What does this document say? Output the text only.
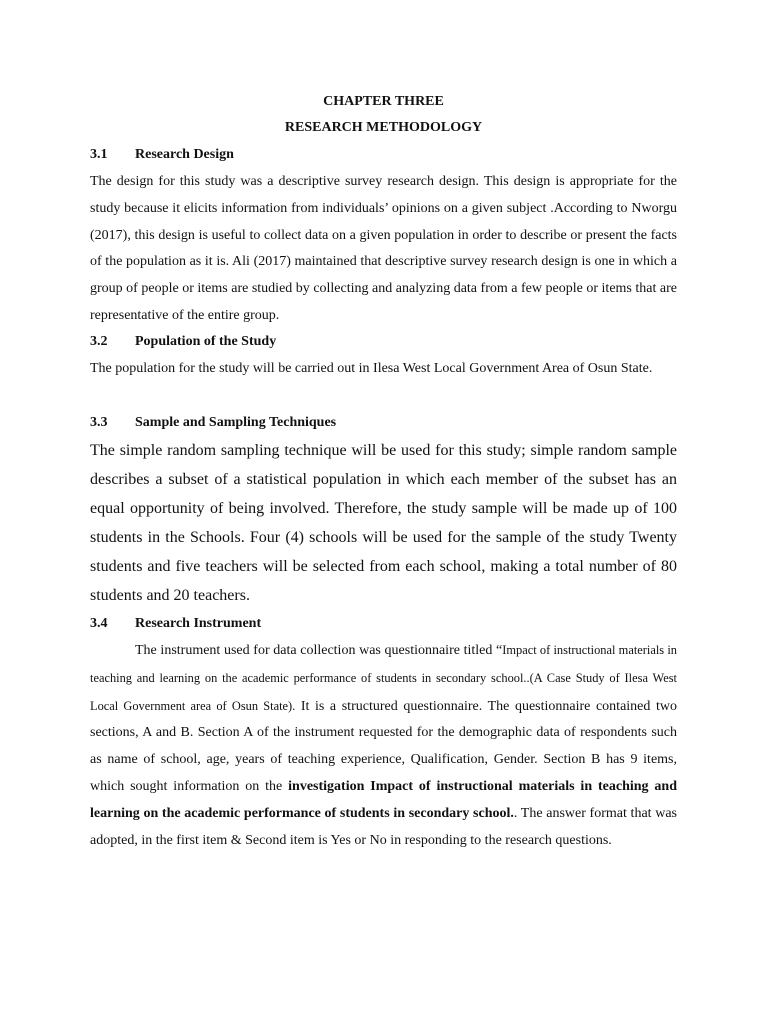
CHAPTER THREE
RESEARCH METHODOLOGY
3.1 Research Design
The design for this study was a descriptive survey research design. This design is appropriate for the study because it elicits information from individuals’ opinions on a given subject .According to Nworgu (2017), this design is useful to collect data on a given population in order to describe or present the facts of the population as it is. Ali (2017) maintained that descriptive survey research design is one in which a group of people or items are studied by collecting and analyzing data from a few people or items that are representative of the entire group.
3.2 Population of the Study
The population for the study will be carried out in Ilesa West Local Government Area of Osun State.
3.3 Sample and Sampling Techniques
The simple random sampling technique will be used for this study; simple random sample describes a subset of a statistical population in which each member of the subset has an equal opportunity of being involved. Therefore, the study sample will be made up of 100 students in the Schools. Four (4) schools will be used for the sample of the study Twenty students and five teachers will be selected from each school, making a total number of 80 students and 20 teachers.
3.4 Research Instrument
The instrument used for data collection was questionnaire titled “Impact of instructional materials in teaching and learning on the academic performance of students in secondary school..(A Case Study of Ilesa West Local Government area of Osun State). It is a structured questionnaire. The questionnaire contained two sections, A and B. Section A of the instrument requested for the demographic data of respondents such as name of school, age, years of teaching experience, Qualification, Gender. Section B has 9 items, which sought information on the investigation Impact of instructional materials in teaching and learning on the academic performance of students in secondary school.. The answer format that was adopted, in the first item & Second item is Yes or No in responding to the research questions.
